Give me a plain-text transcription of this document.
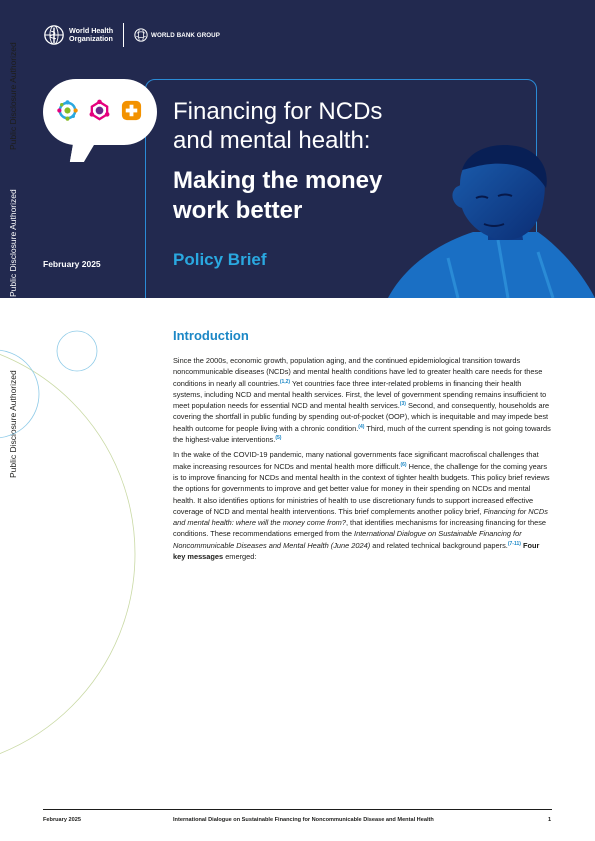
World Health
Organization	WORLD BANK GROUP
Financing for NCDs
and mental health:
Making the money
work better
February 2025	Policy Brief
Public Disclosure Authorized
Public Disclosure Authorized
Public Disclosure Authorized
Introduction

Since the 2000s, economic growth, population aging, and the continued epidemiological transition towards noncommunicable diseases (NCDs) and mental health conditions have led to greater health care needs for these conditions in nearly all countries.$^{(1,2)}$ Yet countries face three inter-related problems in financing their health systems, including NCD and mental health services. First, the level of government spending remains insufficient to meet population needs for essential NCD and mental health services.$^{(3)}$ Second, and consequently, households are covering the shortfall in public funding by spending out-of-pocket (OOP), which is inequitable and may impede best health outcome for people living with a chronic condition.$^{(4)}$ Third, much of the current spending is not going towards the highest-value interventions.$^{(5)}$

In the wake of the COVID-19 pandemic, many national governments face significant macrofiscal challenges that make increasing resources for NCDs and mental health more difficult.$^{(6)}$ Hence, the challenge for the coming years is to improve financing for NCDs and mental health in the context of tighter health budgets. This policy brief reviews the options for governments to improve and get better value for money in their spending on NCDs and mental health. It also identifies options for ministries of health to use discretionary funds to support increased effective coverage of NCD and mental health interventions. This brief complements another policy brief, Financing for NCDs and mental health: where will the money come from?, that identifies mechanisms for increasing financing for these conditions. These recommendations emerged from the International Dialogue on Sustainable Financing for Noncommunicable Diseases and Mental Health (June 2024) and related technical background papers.$^{(7-11)}$ Four key messages emerged:

February 2025	International Dialogue on Sustainable Financing for Noncommunicable Disease and Mental Health	1
